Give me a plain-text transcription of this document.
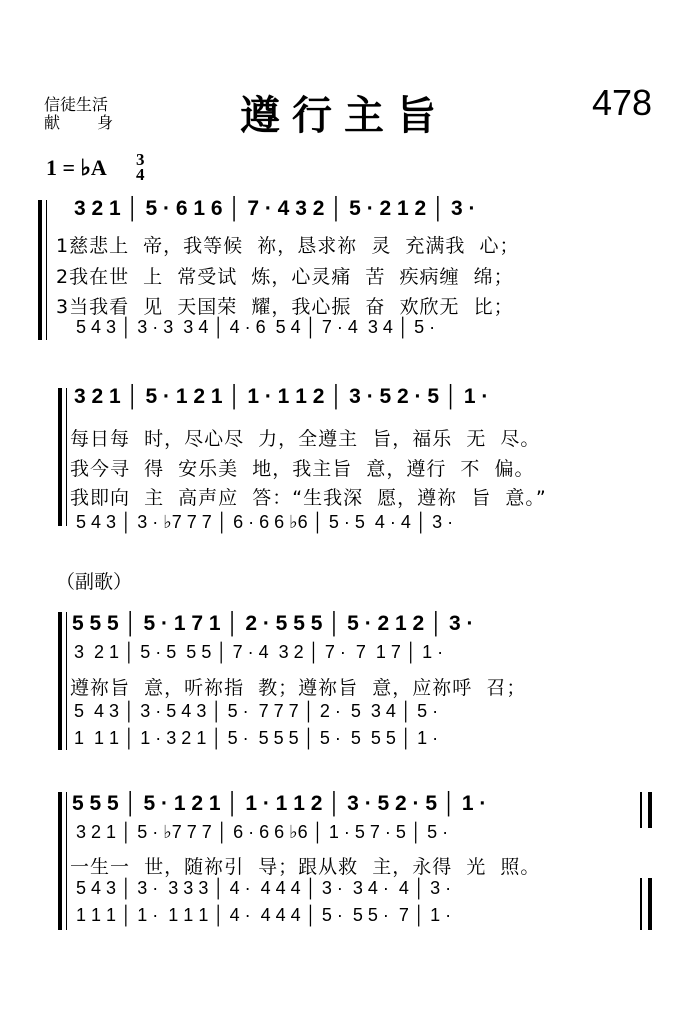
信徒生活
献 身	遵行主旨	478
1 = ♭A 3
4
3 2 1 │ 5 · 6 1 6 │ 7 · 4 3 2 │ 5 · 2 1 2 │ 3 ·
1慈悲上  帝，我等候  祢，恳求祢  灵  充满我  心；
2我在世  上  常受试  炼，心灵痛  苦  疾病缠  绵；
3当我看  见  天国荣  耀，我心振  奋  欢欣无  比；
5 4 3 │ 3 · 3  3 4 │ 4 · 6  5 4 │ 7 · 4  3 4 │ 5 ·
3 2 1 │ 5 · 1 2 1 │ 1 · 1 1 2 │ 3 · 5 2 · 5 │ 1 ·
每日每  时，尽心尽  力，全遵主  旨，福乐  无  尽。
我今寻  得  安乐美  地，我主旨  意，遵行  不  偏。
我即向  主  高声应  答：“生我深  愿，遵祢  旨  意。”
5 4 3 │ 3 · ♭7 7 7 │ 6 · 6 6 ♭6 │ 5 · 5  4 · 4 │ 3 ·
（副歌）
5 5 5 │ 5 · 1 7 1 │ 2 · 5 5 5 │ 5 · 2 1 2 │ 3 ·
3  2 1 │ 5 · 5  5 5 │ 7 · 4  3 2 │ 7 ·  7  1 7 │ 1 ·
遵祢旨  意，听祢指  教；遵祢旨  意，应祢呼  召；
5  4 3 │ 3 · 5 4 3 │ 5 ·  7 7 7 │ 2 ·  5  3 4 │ 5 ·
1  1 1 │ 1 · 3 2 1 │ 5 ·  5 5 5 │ 5 ·  5  5 5 │ 1 ·
5 5 5 │ 5 · 1 2 1 │ 1 · 1 1 2 │ 3 · 5 2 · 5 │ 1 ·
3 2 1 │ 5 · ♭7 7 7 │ 6 · 6 6 ♭6 │ 1 · 5 7 · 5 │ 5 ·
一生一  世，随祢引  导；跟从救  主，永得  光  照。
5 4 3 │ 3 ·  3 3 3 │ 4 ·  4 4 4 │ 3 ·  3 4 ·  4 │ 3 ·
1 1 1 │ 1 ·  1 1 1 │ 4 ·  4 4 4 │ 5 ·  5 5 ·  7 │ 1 ·
